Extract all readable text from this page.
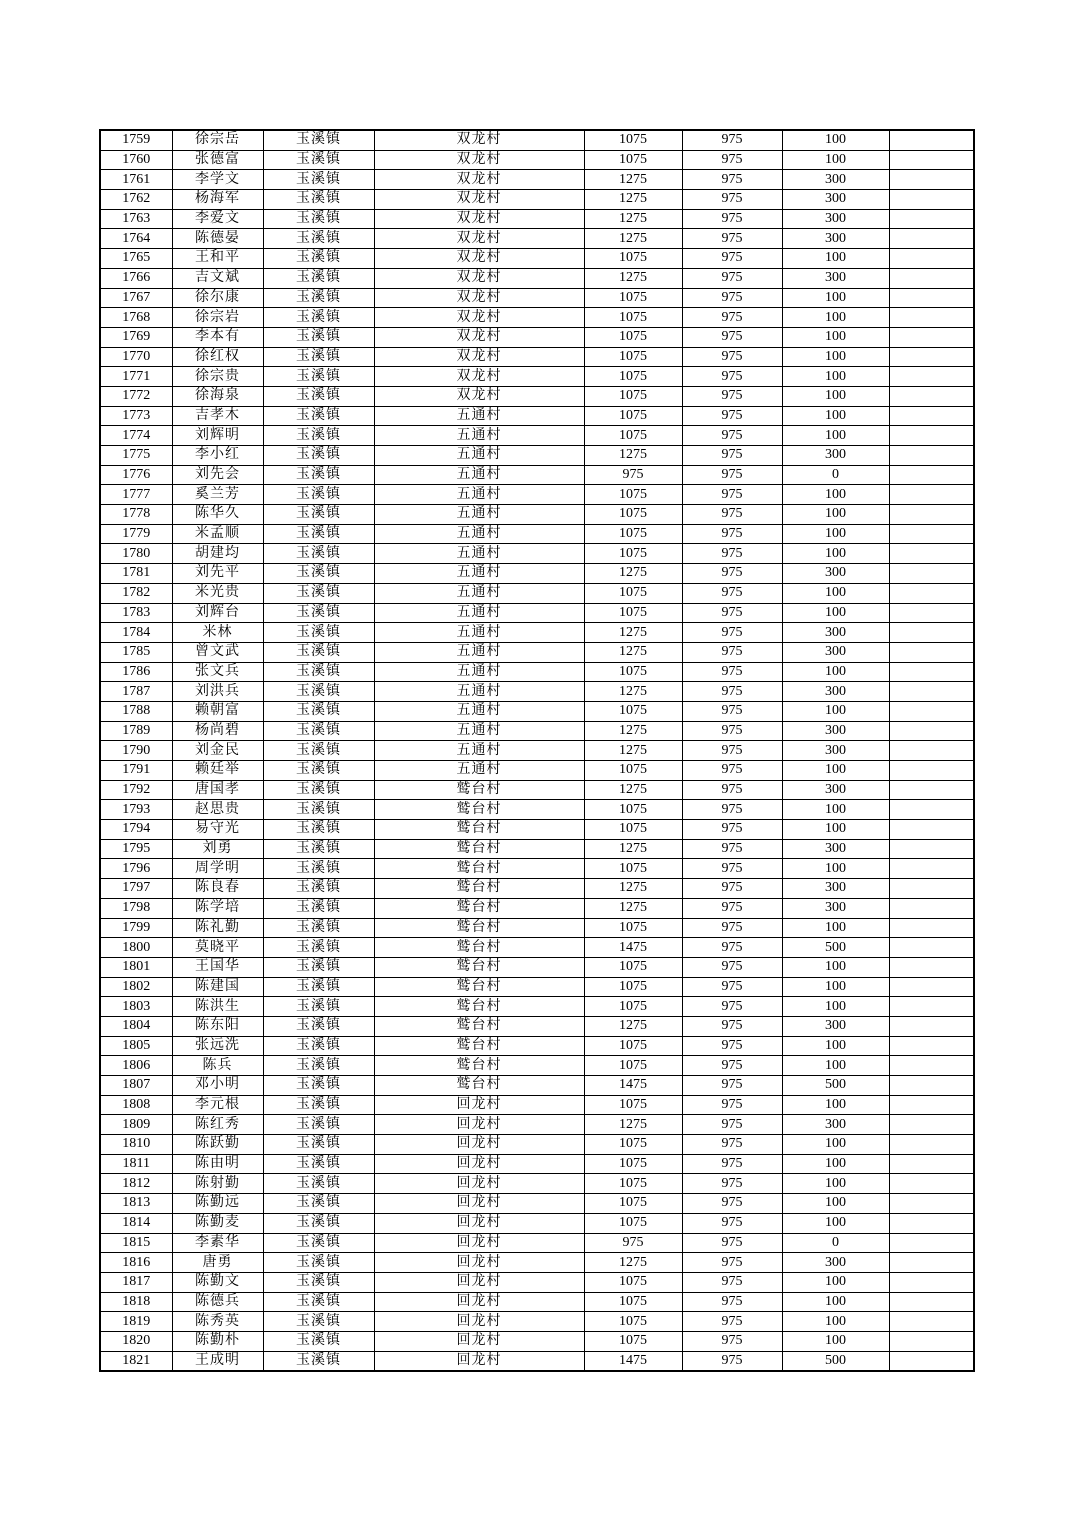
1759	徐宗岳	玉溪镇	双龙村	1075	975	100	
1760	张德富	玉溪镇	双龙村	1075	975	100	
1761	李学文	玉溪镇	双龙村	1275	975	300	
1762	杨海军	玉溪镇	双龙村	1275	975	300	
1763	李爱文	玉溪镇	双龙村	1275	975	300	
1764	陈德晏	玉溪镇	双龙村	1275	975	300	
1765	王和平	玉溪镇	双龙村	1075	975	100	
1766	吉文斌	玉溪镇	双龙村	1275	975	300	
1767	徐尔康	玉溪镇	双龙村	1075	975	100	
1768	徐宗岩	玉溪镇	双龙村	1075	975	100	
1769	李本有	玉溪镇	双龙村	1075	975	100	
1770	徐红权	玉溪镇	双龙村	1075	975	100	
1771	徐宗贵	玉溪镇	双龙村	1075	975	100	
1772	徐海泉	玉溪镇	双龙村	1075	975	100	
1773	吉孝木	玉溪镇	五通村	1075	975	100	
1774	刘辉明	玉溪镇	五通村	1075	975	100	
1775	李小红	玉溪镇	五通村	1275	975	300	
1776	刘先会	玉溪镇	五通村	975	975	0	
1777	奚兰芳	玉溪镇	五通村	1075	975	100	
1778	陈华久	玉溪镇	五通村	1075	975	100	
1779	米孟顺	玉溪镇	五通村	1075	975	100	
1780	胡建均	玉溪镇	五通村	1075	975	100	
1781	刘先平	玉溪镇	五通村	1275	975	300	
1782	米光贵	玉溪镇	五通村	1075	975	100	
1783	刘辉台	玉溪镇	五通村	1075	975	100	
1784	米林	玉溪镇	五通村	1275	975	300	
1785	曾文武	玉溪镇	五通村	1275	975	300	
1786	张文兵	玉溪镇	五通村	1075	975	100	
1787	刘洪兵	玉溪镇	五通村	1275	975	300	
1788	赖朝富	玉溪镇	五通村	1075	975	100	
1789	杨尚碧	玉溪镇	五通村	1275	975	300	
1790	刘金民	玉溪镇	五通村	1275	975	300	
1791	赖廷举	玉溪镇	五通村	1075	975	100	
1792	唐国孝	玉溪镇	鹫台村	1275	975	300	
1793	赵思贵	玉溪镇	鹫台村	1075	975	100	
1794	易守光	玉溪镇	鹫台村	1075	975	100	
1795	刘勇	玉溪镇	鹫台村	1275	975	300	
1796	周学明	玉溪镇	鹫台村	1075	975	100	
1797	陈良春	玉溪镇	鹫台村	1275	975	300	
1798	陈学培	玉溪镇	鹫台村	1275	975	300	
1799	陈礼勤	玉溪镇	鹫台村	1075	975	100	
1800	莫晓平	玉溪镇	鹫台村	1475	975	500	
1801	王国华	玉溪镇	鹫台村	1075	975	100	
1802	陈建国	玉溪镇	鹫台村	1075	975	100	
1803	陈洪生	玉溪镇	鹫台村	1075	975	100	
1804	陈东阳	玉溪镇	鹫台村	1275	975	300	
1805	张远洗	玉溪镇	鹫台村	1075	975	100	
1806	陈兵	玉溪镇	鹫台村	1075	975	100	
1807	邓小明	玉溪镇	鹫台村	1475	975	500	
1808	李元根	玉溪镇	回龙村	1075	975	100	
1809	陈红秀	玉溪镇	回龙村	1275	975	300	
1810	陈跃勤	玉溪镇	回龙村	1075	975	100	
1811	陈由明	玉溪镇	回龙村	1075	975	100	
1812	陈射勤	玉溪镇	回龙村	1075	975	100	
1813	陈勤远	玉溪镇	回龙村	1075	975	100	
1814	陈勤麦	玉溪镇	回龙村	1075	975	100	
1815	李素华	玉溪镇	回龙村	975	975	0	
1816	唐勇	玉溪镇	回龙村	1275	975	300	
1817	陈勤文	玉溪镇	回龙村	1075	975	100	
1818	陈德兵	玉溪镇	回龙村	1075	975	100	
1819	陈秀英	玉溪镇	回龙村	1075	975	100	
1820	陈勤朴	玉溪镇	回龙村	1075	975	100	
1821	王成明	玉溪镇	回龙村	1475	975	500	
